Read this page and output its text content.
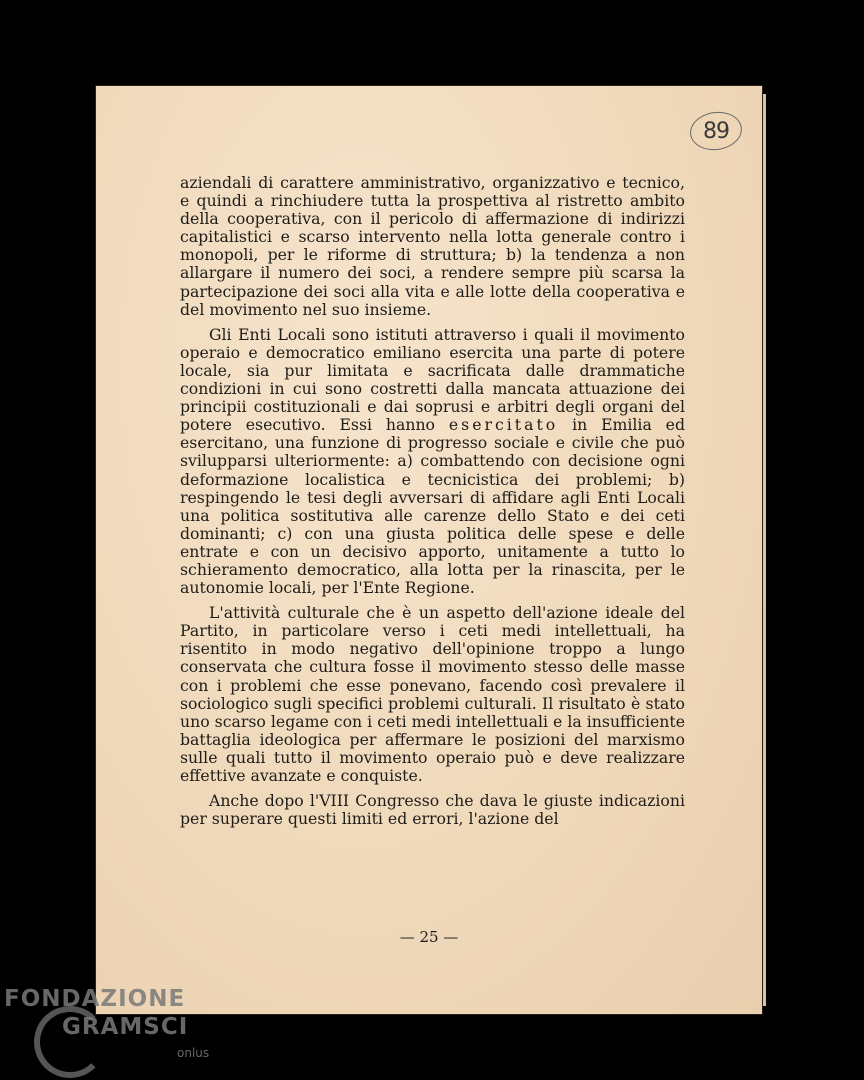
89

aziendali di carattere amministrativo, organizzativo e tecnico, e quindi a rinchiudere tutta la prospettiva al ristretto ambito della cooperativa, con il pericolo di affermazione di indirizzi capitalistici e scarso intervento nella lotta generale contro i monopoli, per le riforme di struttura; b) la tendenza a non allargare il numero dei soci, a rendere sempre più scarsa la partecipazione dei soci alla vita e alle lotte della cooperativa e del movimento nel suo insieme.

Gli Enti Locali sono istituti attraverso i quali il movimento operaio e democratico emiliano esercita una parte di potere locale, sia pur limitata e sacrificata dalle drammatiche condizioni in cui sono costretti dalla mancata attuazione dei principii costituzionali e dai soprusi e arbitri degli organi del potere esecutivo. Essi hanno esercitato in Emilia ed esercitano, una funzione di progresso sociale e civile che può svilupparsi ulteriormente: a) combattendo con decisione ogni deformazione localistica e tecnicistica dei problemi; b) respingendo le tesi degli avversari di affidare agli Enti Locali una politica sostitutiva alle carenze dello Stato e dei ceti dominanti; c) con una giusta politica delle spese e delle entrate e con un decisivo apporto, unitamente a tutto lo schieramento democratico, alla lotta per la rinascita, per le autonomie locali, per l'Ente Regione.

L'attività culturale che è un aspetto dell'azione ideale del Partito, in particolare verso i ceti medi intellettuali, ha risentito in modo negativo dell'opinione troppo a lungo conservata che cultura fosse il movimento stesso delle masse con i problemi che esse ponevano, facendo così prevalere il sociologico sugli specifici problemi culturali. Il risultato è stato uno scarso legame con i ceti medi intellettuali e la insufficiente battaglia ideologica per affermare le posizioni del marxismo sulle quali tutto il movimento operaio può e deve realizzare effettive avanzate e conquiste.

Anche dopo l'VIII Congresso che dava le giuste indicazioni per superare questi limiti ed errori, l'azione del

— 25 —
FONDAZIONE
GRAMSCI
onlus
